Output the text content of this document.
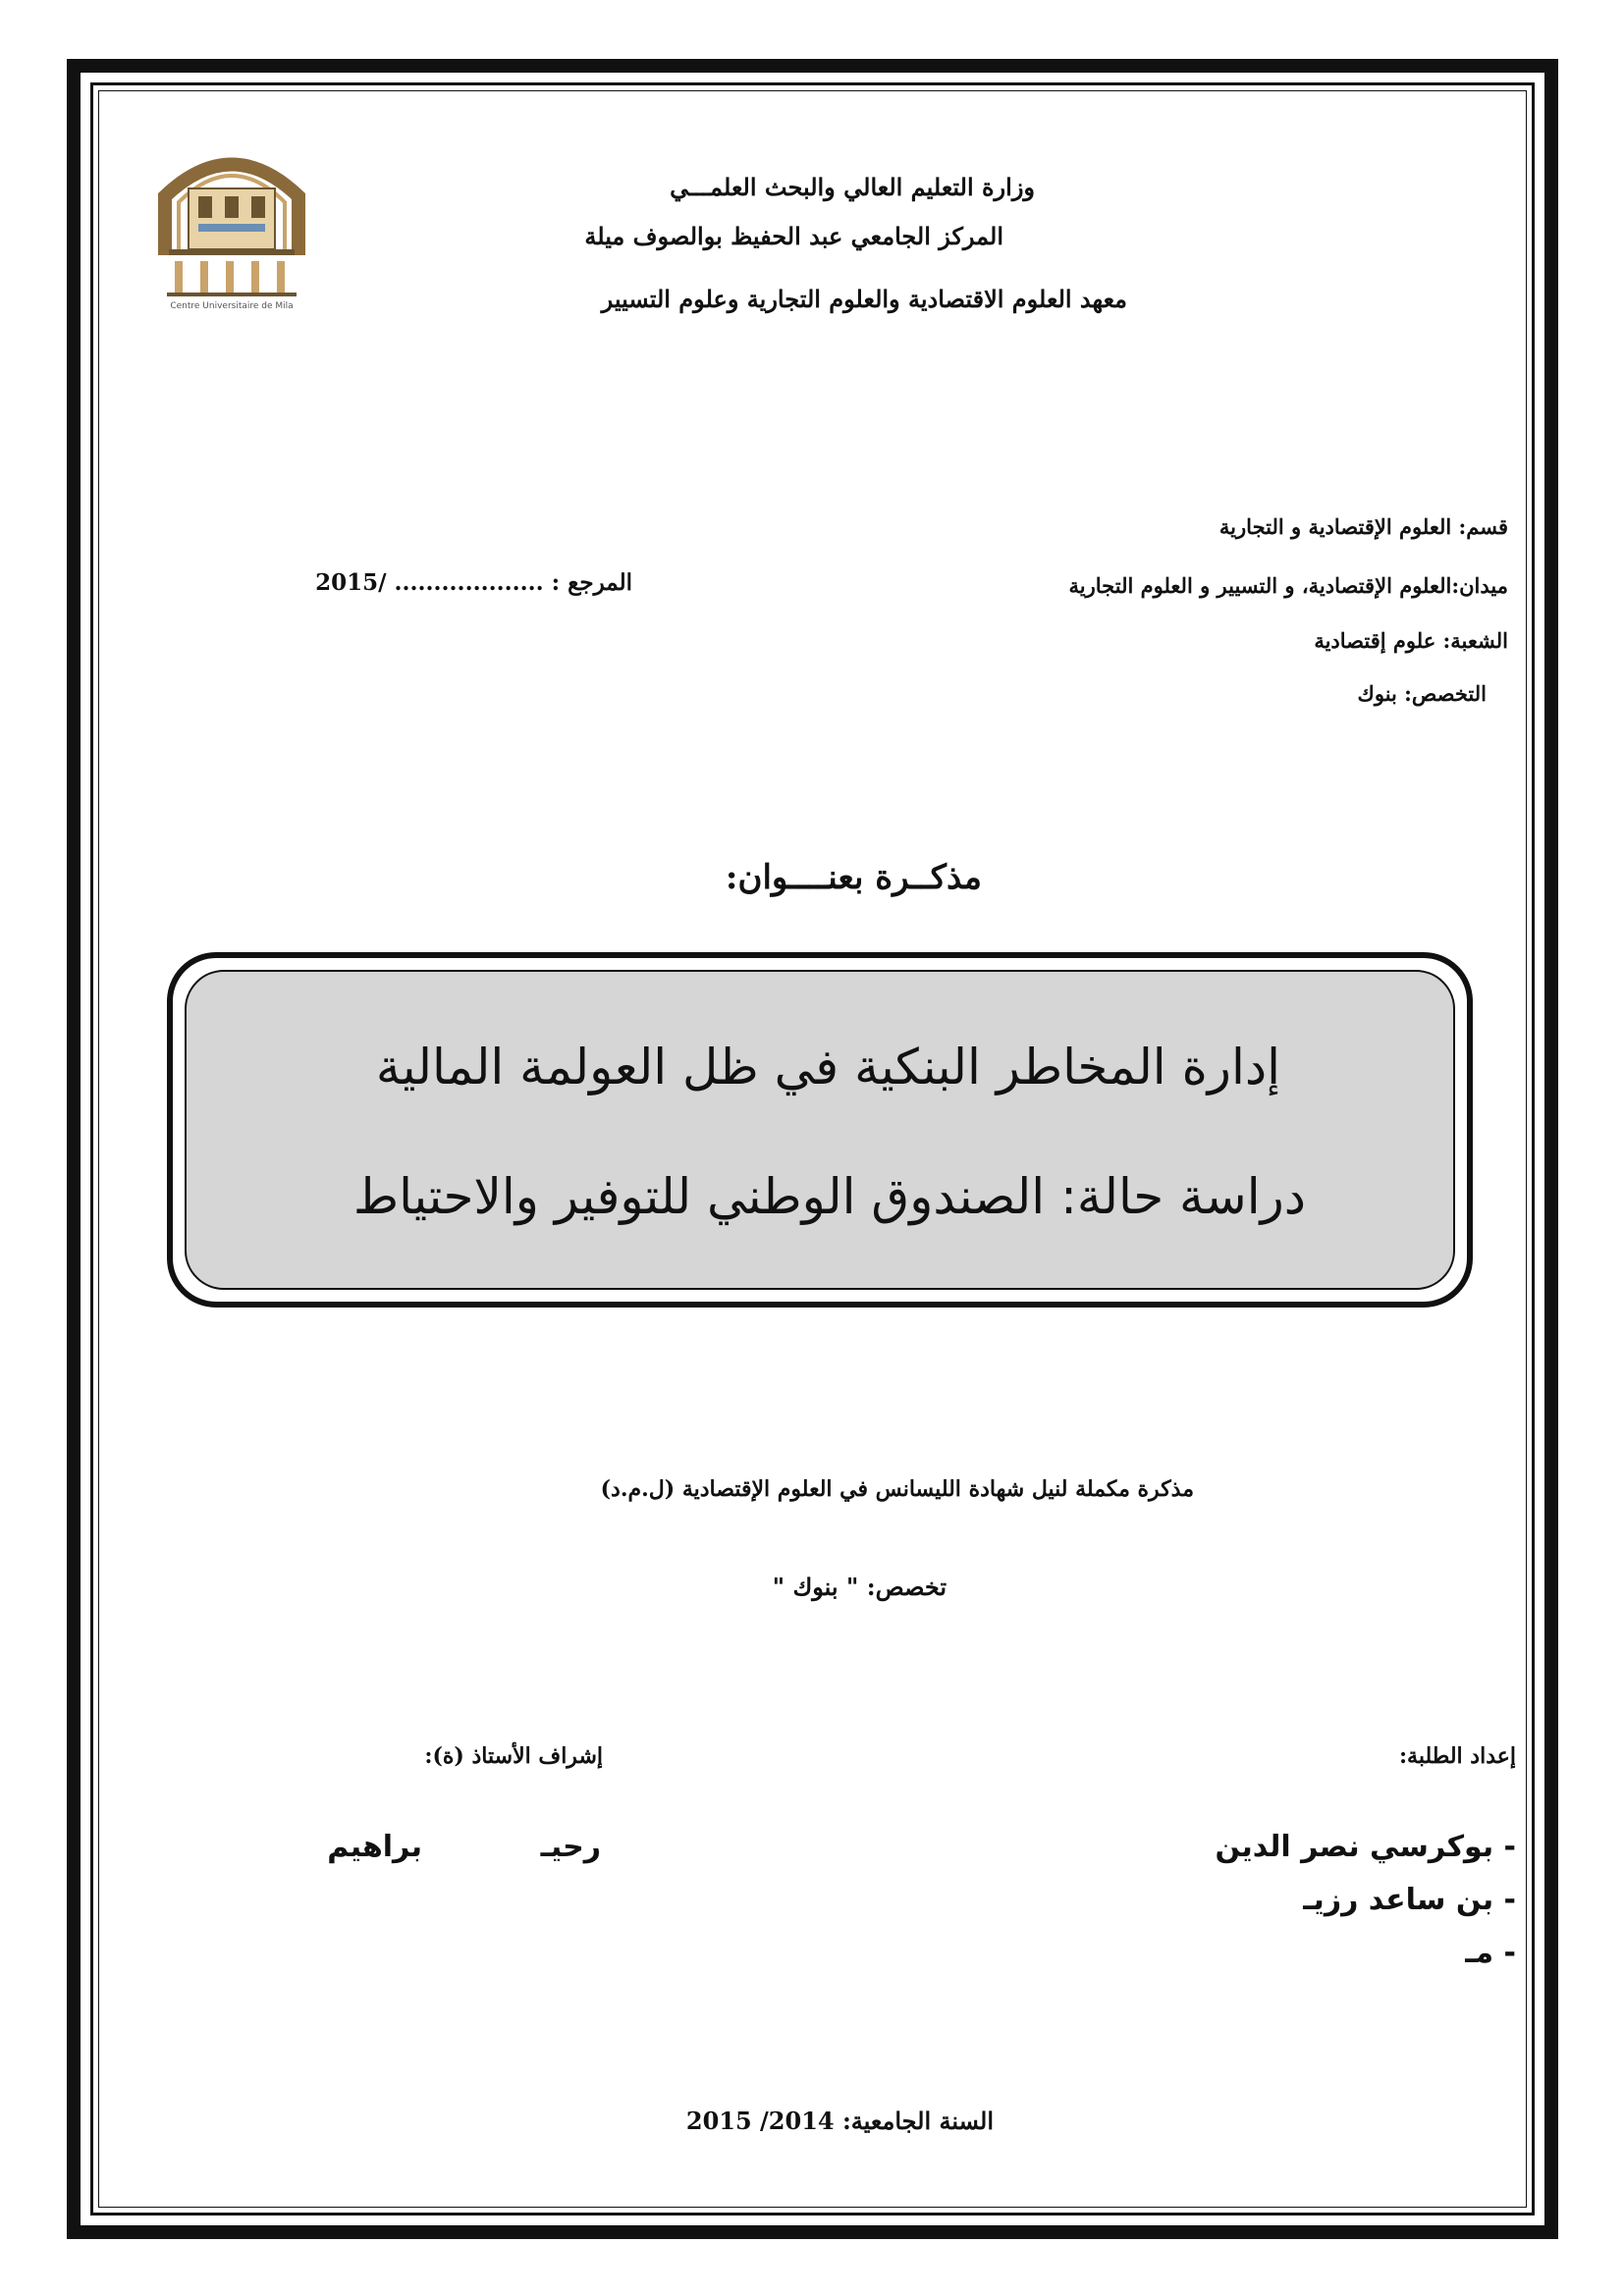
Centre Universitaire de Mila
وزارة التعليم العالي والبحث العلمـــي
المركز الجامعي عبد الحفيظ بوالصوف ميلة
معهد العلوم الاقتصادية والعلوم التجارية وعلوم التسيير
قسم: العلوم الإقتصادية و التجارية
ميدان:العلوم الإقتصادية، و التسيير و العلوم التجارية
المرجع : ................... /2015
الشعبة: علوم إقتصادية
التخصص: بنوك
مذكــرة بعنــــوان:
إدارة المخاطر البنكية في ظل العولمة المالية
دراسة حالة: الصندوق الوطني للتوفير والاحتياط
مذكرة مكملة لنيل شهادة الليسانس في العلوم الإقتصادية (ل.م.د)
تخصص: " بنوك "
إعداد الطلبة:
إشراف الأستاذ (ة):
- بوكرسي نصر الدين
- بن ساعد رزيـ
- مـ
رحيـ
براهيم
السنة الجامعية: 2014/ 2015
